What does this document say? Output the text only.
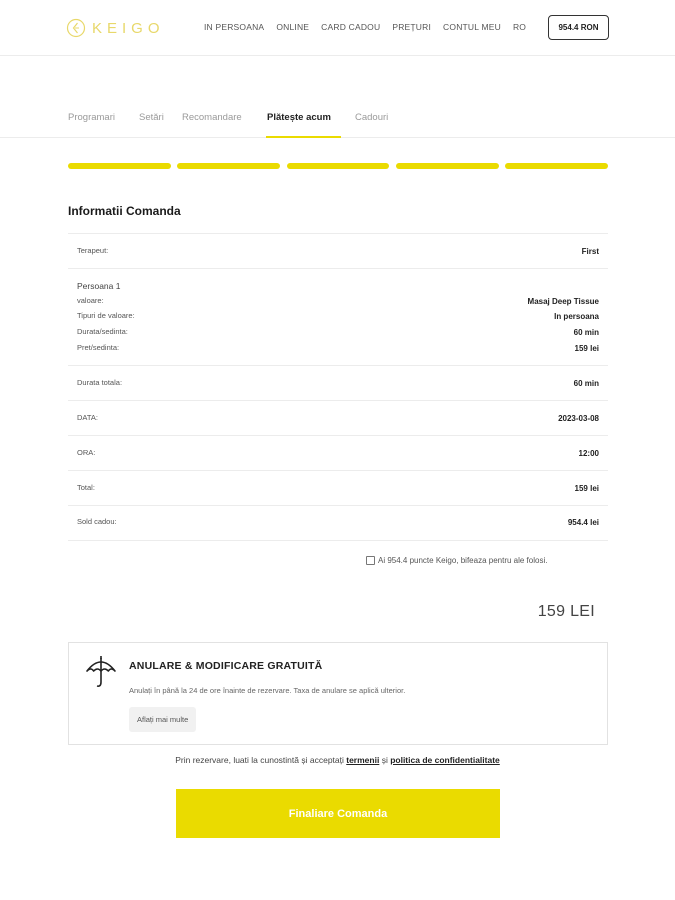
KEIGO	IN PERSOANA ONLINE CARD CADOU PREȚURI CONTUL MEU RO	954.4 RON
Programari	Setări Recomandare	Plătește acum	Cadouri
Informatii Comanda
Terapeut:	First
Persoana 1
valoare:	Masaj Deep Tissue
Tipuri de valoare:	In persoana
Durata/sedinta:	60 min
Pret/sedinta:	159 lei
Durata totala:	60 min
DATA:	2023-03-08
ORA:	12:00
Total:	159 lei
Sold cadou:	954.4 lei
Ai 954.4 puncte Keigo, bifeaza pentru ale folosi.
159 LEI
ANULARE & MODIFICARE GRATUITĂ
Anulați în până la 24 de ore înainte de rezervare. Taxa de anulare se aplică ulterior.
Aflați mai multe
Prin rezervare, luati la cunostintă și acceptați termenii și politica de confidentialitate
Finaliare Comanda
